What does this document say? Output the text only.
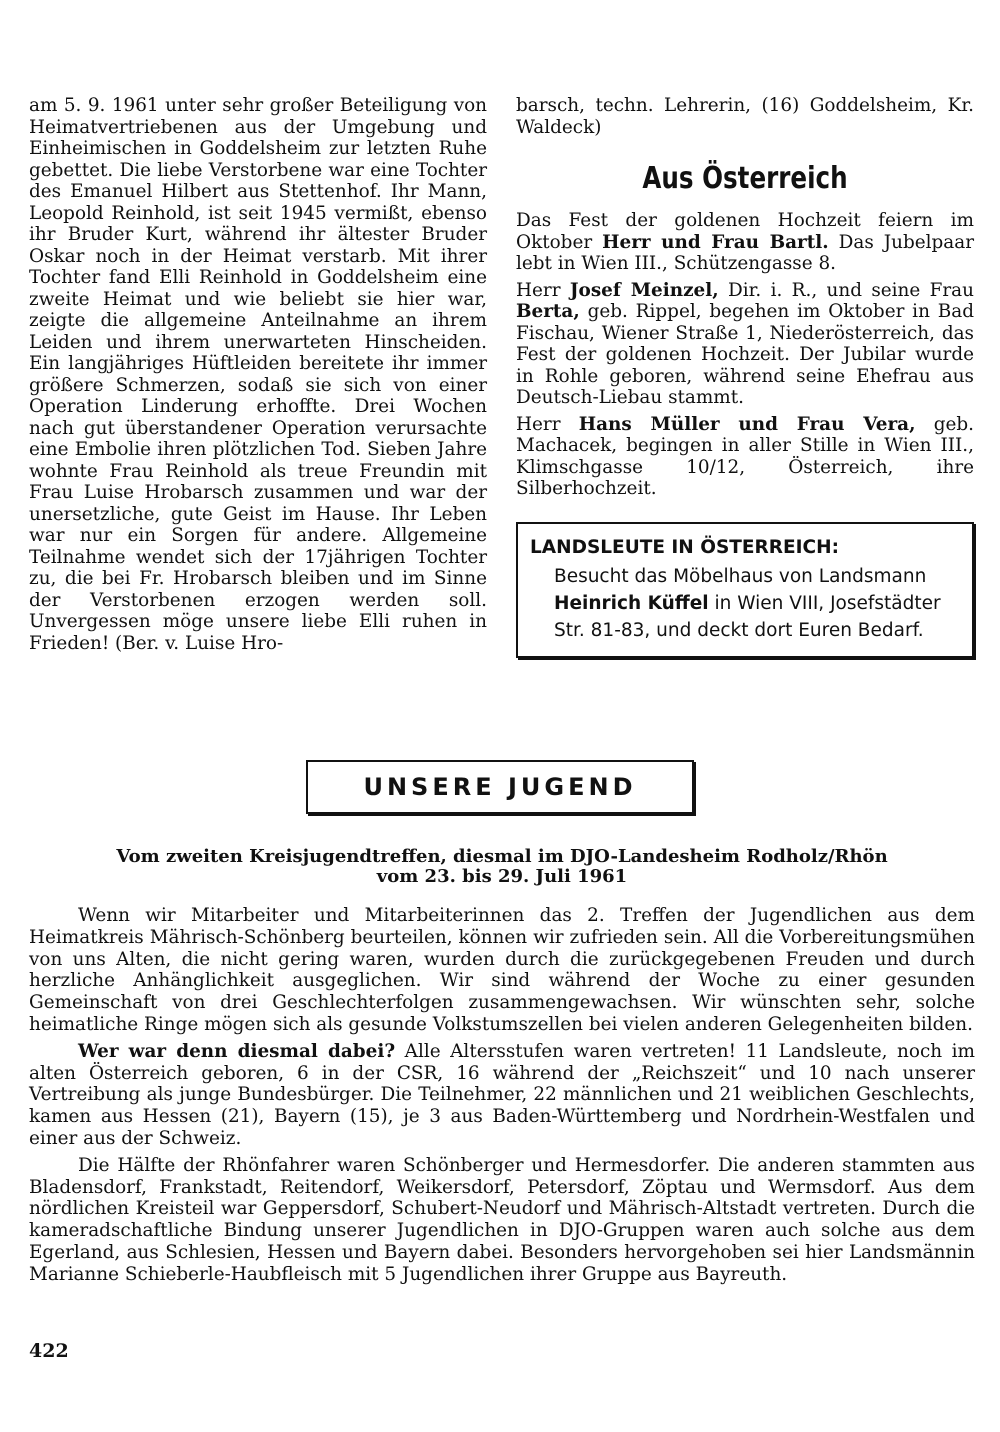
am 5. 9. 1961 unter sehr großer Beteiligung von Heimatvertriebenen aus der Umgebung und Einheimischen in Goddelsheim zur letzten Ruhe gebettet. Die liebe Verstorbene war eine Tochter des Emanuel Hilbert aus Stettenhof. Ihr Mann, Leopold Reinhold, ist seit 1945 vermißt, ebenso ihr Bruder Kurt, während ihr ältester Bruder Oskar noch in der Heimat verstarb. Mit ihrer Tochter fand Elli Reinhold in Goddelsheim eine zweite Heimat und wie beliebt sie hier war, zeigte die allgemeine Anteilnahme an ihrem Leiden und ihrem unerwarteten Hinscheiden. Ein langjähriges Hüftleiden bereitete ihr immer größere Schmerzen, sodaß sie sich von einer Operation Linderung erhoffte. Drei Wochen nach gut überstandener Operation verursachte eine Embolie ihren plötzlichen Tod. Sieben Jahre wohnte Frau Reinhold als treue Freundin mit Frau Luise Hrobarsch zusammen und war der unersetzliche, gute Geist im Hause. Ihr Leben war nur ein Sorgen für andere. Allgemeine Teilnahme wendet sich der 17jährigen Tochter zu, die bei Fr. Hrobarsch bleiben und im Sinne der Verstorbenen erzogen werden soll. Unvergessen möge unsere liebe Elli ruhen in Frieden! (Ber. v. Luise Hro-

barsch, techn. Lehrerin, (16) Goddelsheim, Kr. Waldeck)

Aus Österreich

Das Fest der goldenen Hochzeit feiern im Oktober Herr und Frau Bartl. Das Jubelpaar lebt in Wien III., Schützengasse 8.

Herr Josef Meinzel, Dir. i. R., und seine Frau Berta, geb. Rippel, begehen im Oktober in Bad Fischau, Wiener Straße 1, Niederösterreich, das Fest der goldenen Hochzeit. Der Jubilar wurde in Rohle geboren, während seine Ehefrau aus Deutsch-Liebau stammt.

Herr Hans Müller und Frau Vera, geb. Machacek, begingen in aller Stille in Wien III., Klimschgasse 10/12, Österreich, ihre Silberhochzeit.

LANDSLEUTE IN ÖSTERREICH:
Besucht das Möbelhaus von Landsmann Heinrich Küffel in Wien VIII, Josefstädter Str. 81-83, und deckt dort Euren Bedarf.
UNSERE JUGEND
Vom zweiten Kreisjugendtreffen, diesmal im DJO-Landesheim Rodholz/Rhön
vom 23. bis 29. Juli 1961

Wenn wir Mitarbeiter und Mitarbeiterinnen das 2. Treffen der Jugendlichen aus dem Heimatkreis Mährisch-Schönberg beurteilen, können wir zufrieden sein. All die Vorbereitungsmühen von uns Alten, die nicht gering waren, wurden durch die zurückgegebenen Freuden und durch herzliche Anhänglichkeit ausgeglichen. Wir sind während der Woche zu einer gesunden Gemeinschaft von drei Geschlechterfolgen zusammengewachsen. Wir wünschten sehr, solche heimatliche Ringe mögen sich als gesunde Volkstumszellen bei vielen anderen Gelegenheiten bilden.

Wer war denn diesmal dabei? Alle Altersstufen waren vertreten! 11 Landsleute, noch im alten Österreich geboren, 6 in der CSR, 16 während der „Reichszeit“ und 10 nach unserer Vertreibung als junge Bundesbürger. Die Teilnehmer, 22 männlichen und 21 weiblichen Geschlechts, kamen aus Hessen (21), Bayern (15), je 3 aus Baden-Württemberg und Nordrhein-Westfalen und einer aus der Schweiz.

Die Hälfte der Rhönfahrer waren Schönberger und Hermesdorfer. Die anderen stammten aus Bladensdorf, Frankstadt, Reitendorf, Weikersdorf, Petersdorf, Zöptau und Wermsdorf. Aus dem nördlichen Kreisteil war Geppersdorf, Schubert-Neudorf und Mährisch-Altstadt vertreten. Durch die kameradschaftliche Bindung unserer Jugendlichen in DJO-Gruppen waren auch solche aus dem Egerland, aus Schlesien, Hessen und Bayern dabei. Besonders hervorgehoben sei hier Landsmännin Marianne Schieberle-Haubfleisch mit 5 Jugendlichen ihrer Gruppe aus Bayreuth.

422
